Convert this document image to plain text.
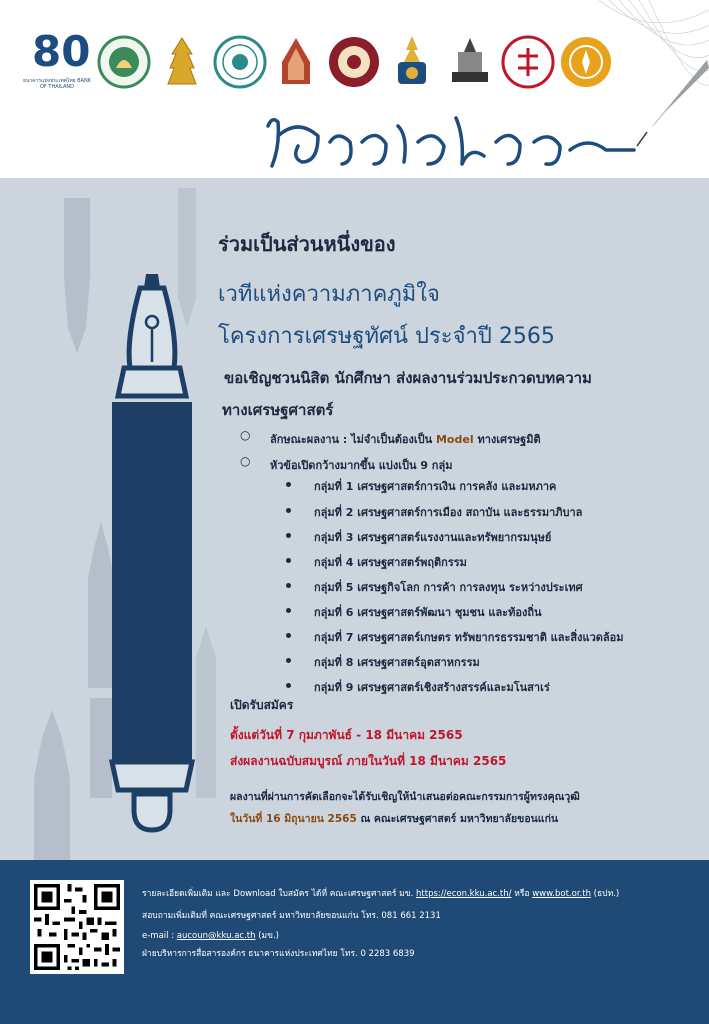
80
ธนาคารแห่งประเทศไทย BANK OF THAILAND
ร่วมเป็นส่วนหนึ่งของ
เวทีแห่งความภาคภูมิใจ
โครงการเศรษฐทัศน์ ประจำปี 2565
ขอเชิญชวนนิสิต นักศึกษา ส่งผลงานร่วมประกวดบทความ
ทางเศรษฐศาสตร์
○ ลักษณะผลงาน : ไม่จำเป็นต้องเป็น Model ทางเศรษฐมิติ
○ หัวข้อเปิดกว้างมากขึ้น แบ่งเป็น 9 กลุ่ม
กลุ่มที่ 1 เศรษฐศาสตร์การเงิน การคลัง และมหภาค
กลุ่มที่ 2 เศรษฐศาสตร์การเมือง สถาบัน และธรรมาภิบาล
กลุ่มที่ 3 เศรษฐศาสตร์แรงงานและทรัพยากรมนุษย์
กลุ่มที่ 4 เศรษฐศาสตร์พฤติกรรม
กลุ่มที่ 5 เศรษฐกิจโลก การค้า การลงทุน ระหว่างประเทศ
กลุ่มที่ 6 เศรษฐศาสตร์พัฒนา ชุมชน และท้องถิ่น
กลุ่มที่ 7 เศรษฐศาสตร์เกษตร ทรัพยากรธรรมชาติ และสิ่งแวดล้อม
กลุ่มที่ 8 เศรษฐศาสตร์อุตสาหกรรม
กลุ่มที่ 9 เศรษฐศาสตร์เชิงสร้างสรรค์และมโนสาเร่
เปิดรับสมัคร
ตั้งแต่วันที่ 7 กุมภาพันธ์ - 18 มีนาคม 2565
ส่งผลงานฉบับสมบูรณ์ ภายในวันที่ 18 มีนาคม 2565
ผลงานที่ผ่านการคัดเลือกจะได้รับเชิญให้นำเสนอต่อคณะกรรมการผู้ทรงคุณวุฒิ
ในวันที่ 16 มิถุนายน 2565 ณ คณะเศรษฐศาสตร์ มหาวิทยาลัยขอนแก่น
รายละเอียดเพิ่มเติม และ Download ใบสมัคร ได้ที่ คณะเศรษฐศาสตร์ มข. https://econ.kku.ac.th/ หรือ www.bot.or.th (ธปท.)
สอบถามเพิ่มเติมที่ คณะเศรษฐศาสตร์ มหาวิทยาลัยขอนแก่น โทร. 081 661 2131
e-mail : aucoun@kku.ac.th (มข.)
ฝ่ายบริหารการสื่อสารองค์กร ธนาคารแห่งประเทศไทย โทร. 0 2283 6839
